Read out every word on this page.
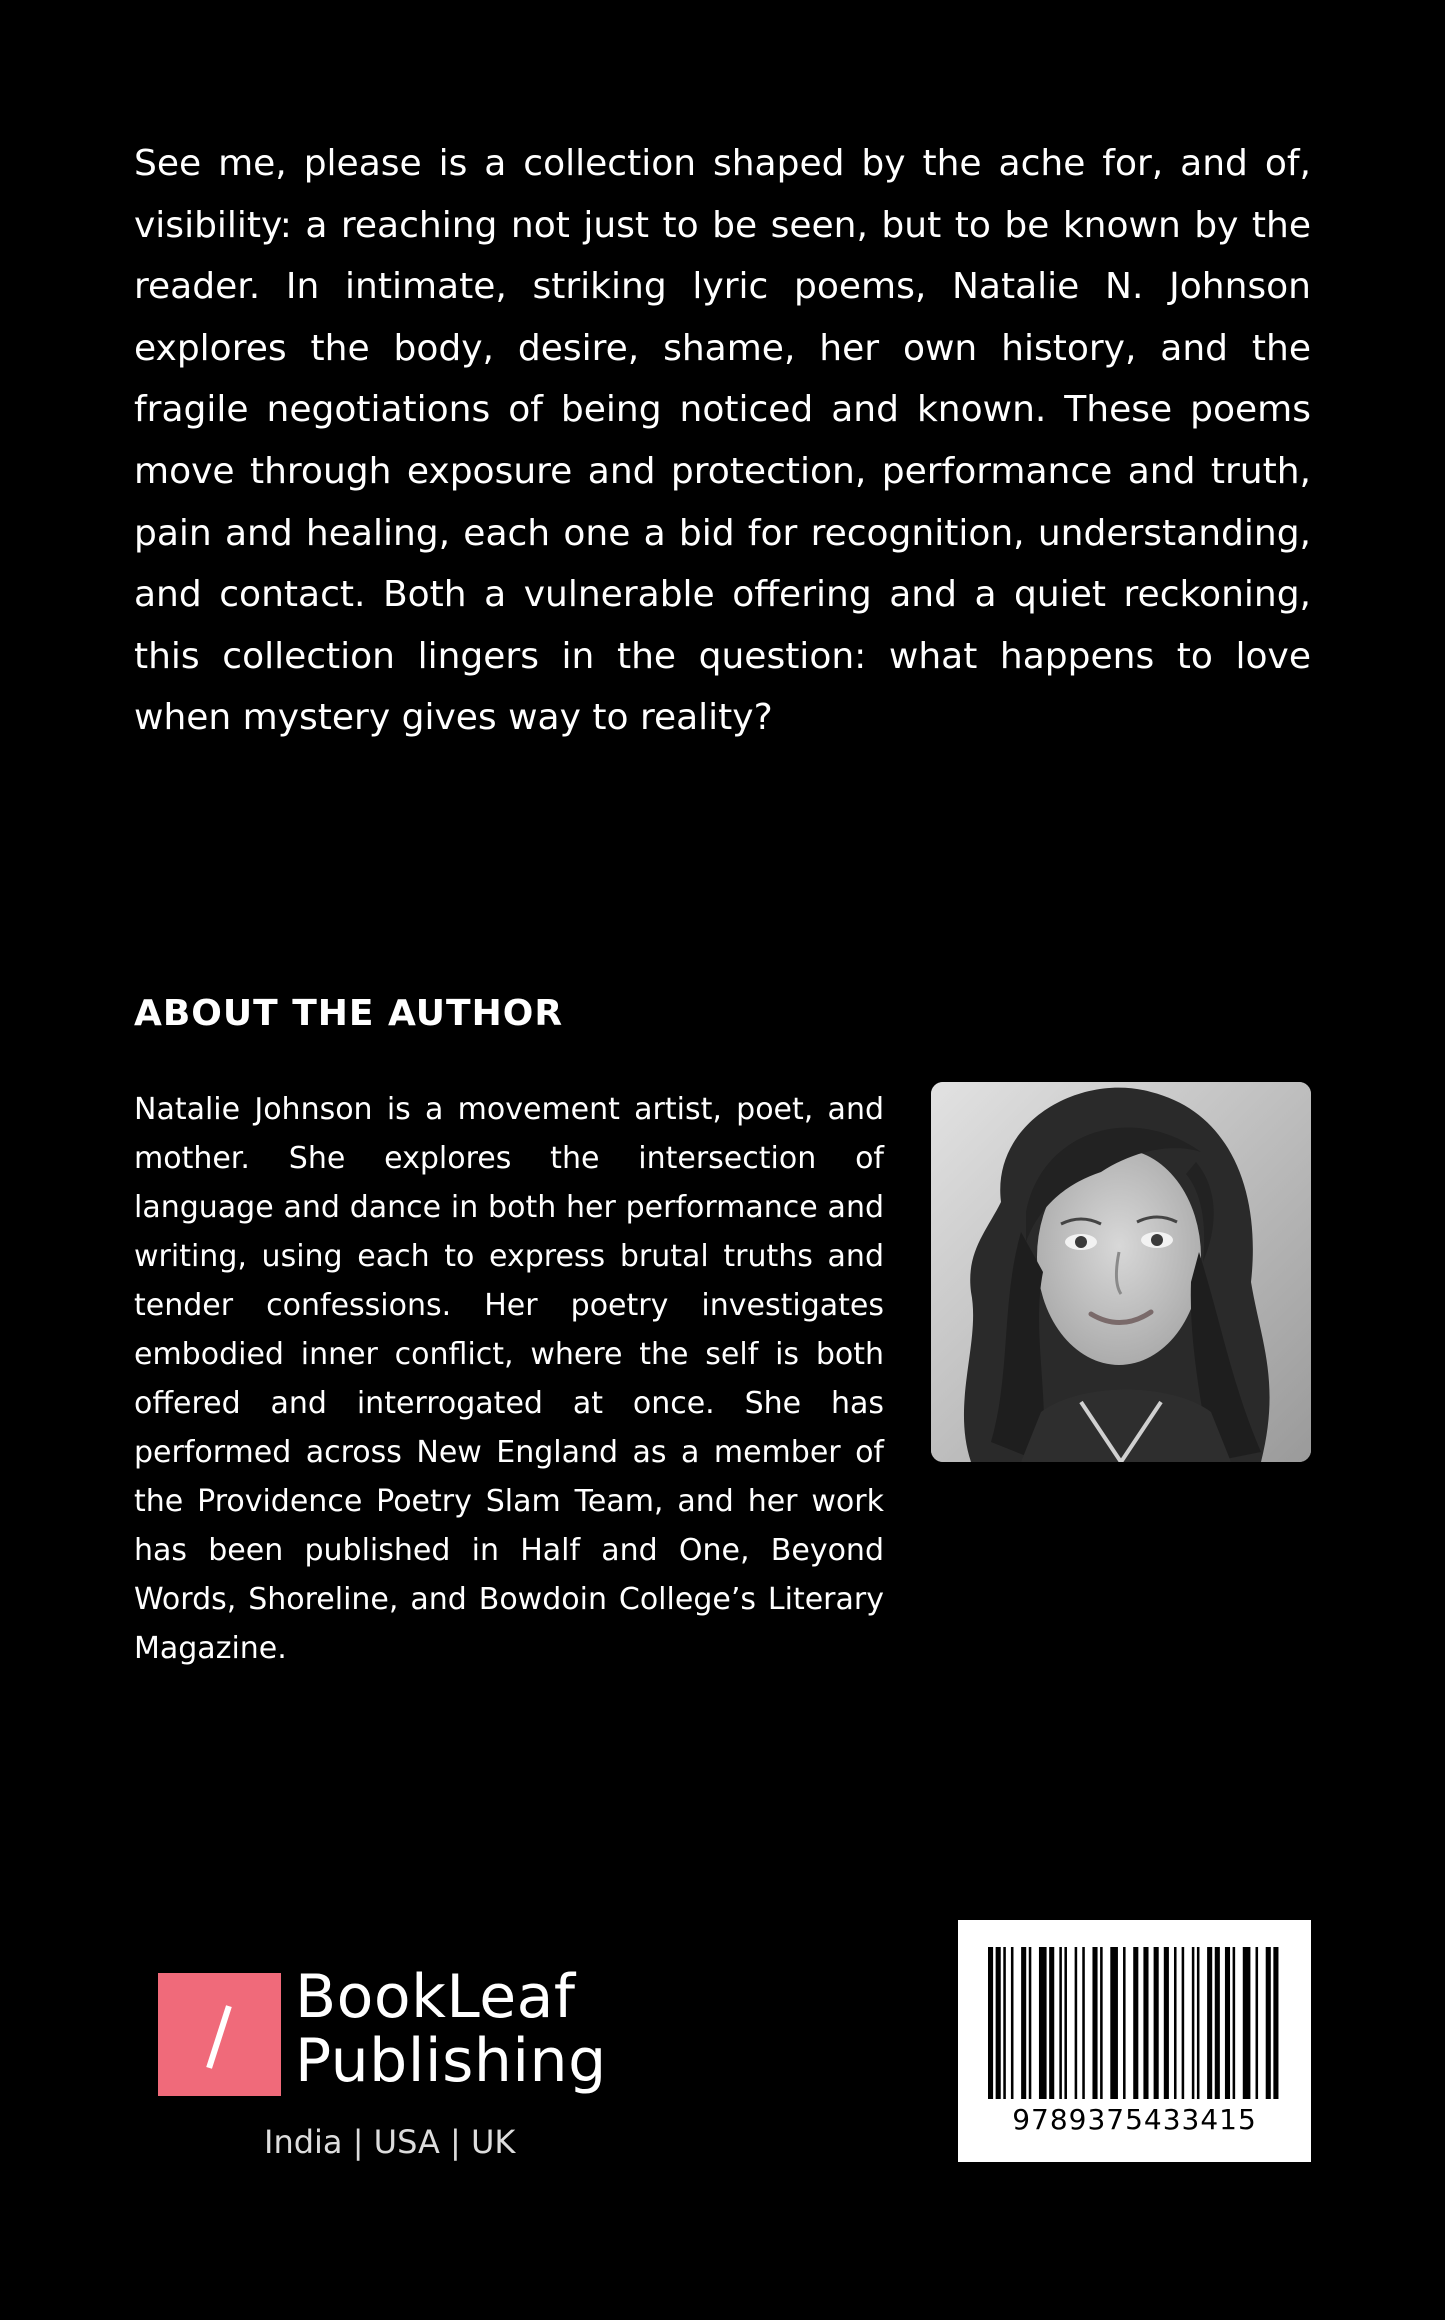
See me, please is a collection shaped by the ache for, and of, visibility: a reaching not just to be seen, but to be known by the reader. In intimate, striking lyric poems, Natalie N. Johnson explores the body, desire, shame, her own history, and the fragile negotiations of being noticed and known. These poems move through exposure and protection, performance and truth, pain and healing, each one a bid for recognition, understanding, and contact. Both a vulnerable offering and a quiet reckoning, this collection lingers in the question: what happens to love when mystery gives way to reality?

ABOUT THE AUTHOR

Natalie Johnson is a movement artist, poet, and mother. She explores the intersection of language and dance in both her performance and writing, using each to express brutal truths and tender confessions. Her poetry investigates embodied inner conflict, where the self is both offered and interrogated at once. She has performed across New England as a member of the Providence Poetry Slam Team, and her work has been published in Half and One, Beyond Words, Shoreline, and Bowdoin College’s Literary Magazine.

BookLeaf
Publishing
India | USA | UK
9789375433415
